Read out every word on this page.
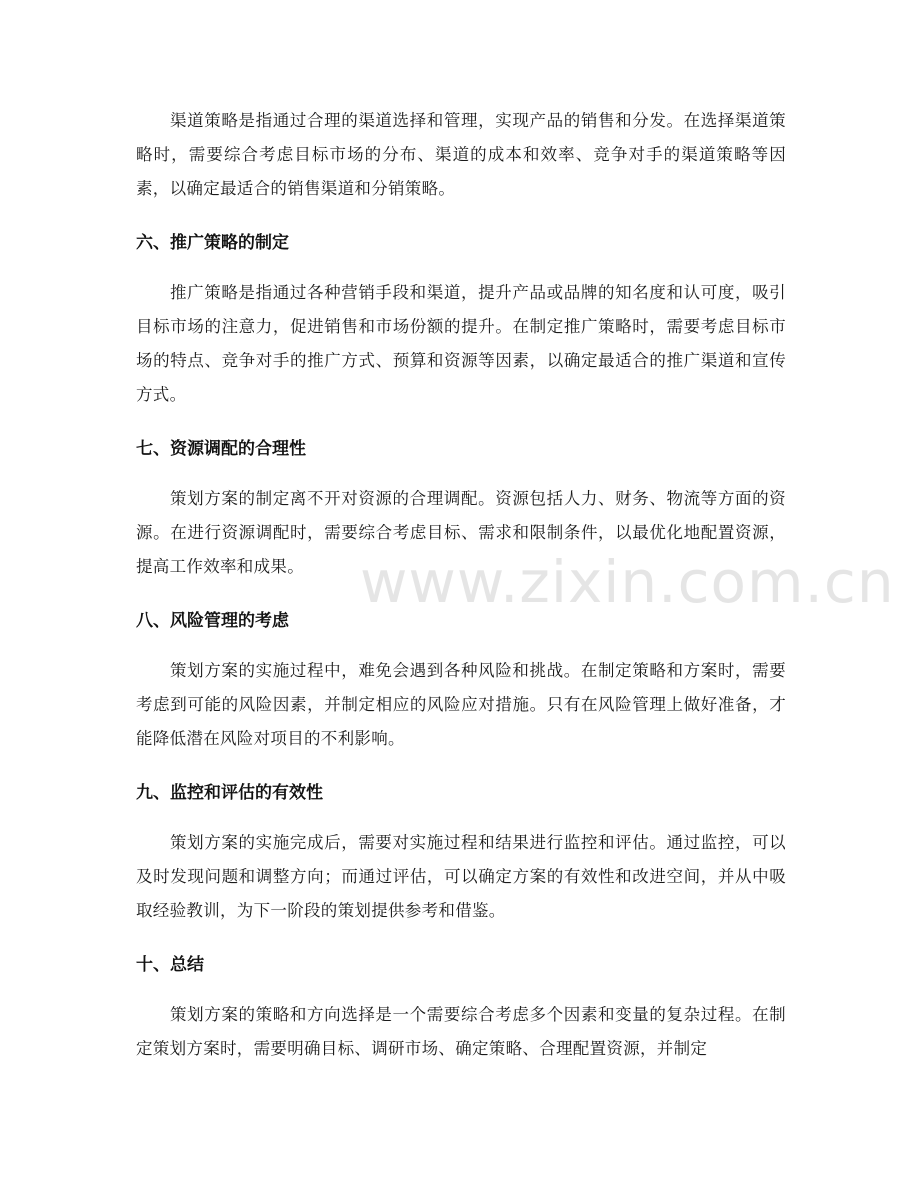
渠道策略是指通过合理的渠道选择和管理，实现产品的销售和分发。在选择渠道策略时，需要综合考虑目标市场的分布、渠道的成本和效率、竞争对手的渠道策略等因素，以确定最适合的销售渠道和分销策略。

六、推广策略的制定

推广策略是指通过各种营销手段和渠道，提升产品或品牌的知名度和认可度，吸引目标市场的注意力，促进销售和市场份额的提升。在制定推广策略时，需要考虑目标市场的特点、竞争对手的推广方式、预算和资源等因素，以确定最适合的推广渠道和宣传方式。

七、资源调配的合理性

策划方案的制定离不开对资源的合理调配。资源包括人力、财务、物流等方面的资源。在进行资源调配时，需要综合考虑目标、需求和限制条件，以最优化地配置资源，提高工作效率和成果。

八、风险管理的考虑

策划方案的实施过程中，难免会遇到各种风险和挑战。在制定策略和方案时，需要考虑到可能的风险因素，并制定相应的风险应对措施。只有在风险管理上做好准备，才能降低潜在风险对项目的不利影响。

九、监控和评估的有效性

策划方案的实施完成后，需要对实施过程和结果进行监控和评估。通过监控，可以及时发现问题和调整方向；而通过评估，可以确定方案的有效性和改进空间，并从中吸取经验教训，为下一阶段的策划提供参考和借鉴。

十、总结

策划方案的策略和方向选择是一个需要综合考虑多个因素和变量的复杂过程。在制定策划方案时，需要明确目标、调研市场、确定策略、合理配置资源，并制定

www.zixin.com.cn
